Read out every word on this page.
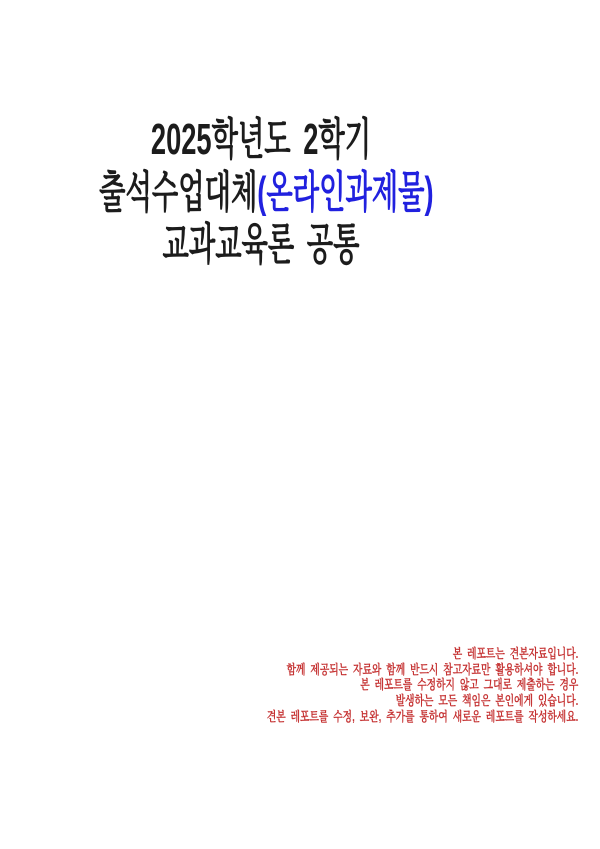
2025학년도 2학기
출석수업대체(온라인과제물)
교과교육론 공통
본 레포트는 견본자료입니다.
함께 제공되는 자료와 함께 반드시 참고자료만 활용하셔야 합니다.
본 레포트를 수정하지 않고 그대로 제출하는 경우
발생하는 모든 책임은 본인에게 있습니다.
견본 레포트를 수정, 보완, 추가를 통하여 새로운 레포트를 작성하세요.
